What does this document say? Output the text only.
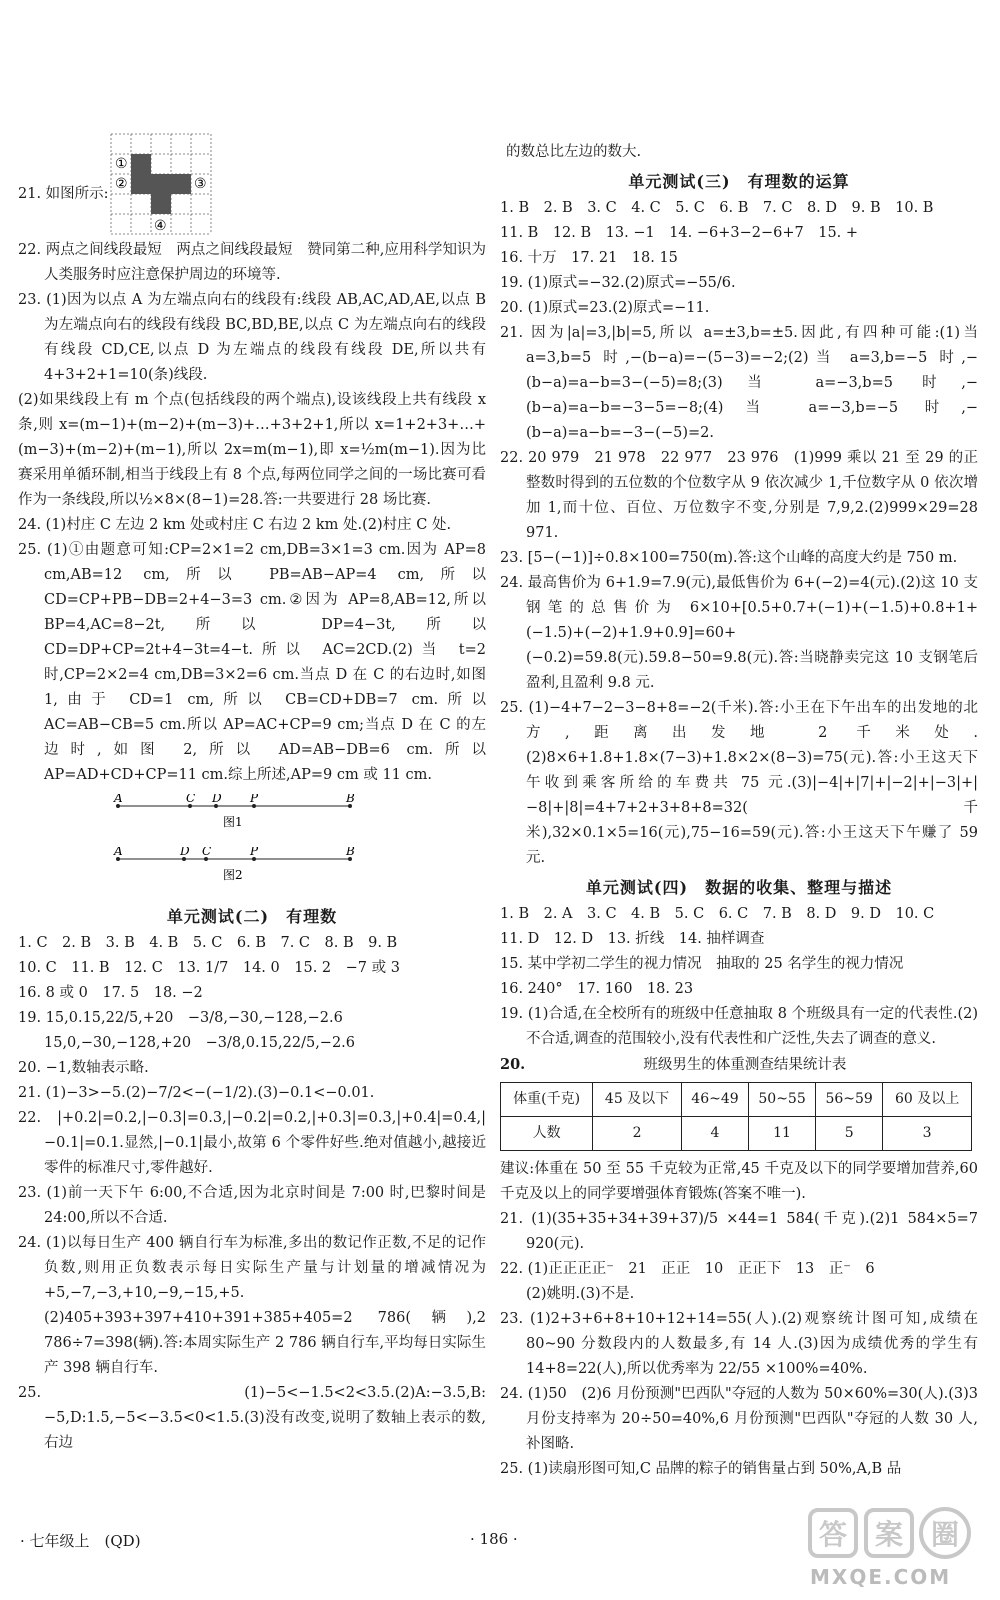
21. 如图所示:
①
②	③
④

22. 两点之间线段最短　两点之间线段最短　赞同第二种,应用科学知识为人类服务时应注意保护周边的环境等.

23. (1)因为以点 A 为左端点向右的线段有:线段 AB,AC,AD,AE,以点 B 为左端点向右的线段有线段 BC,BD,BE,以点 C 为左端点向右的线段有线段 CD,CE,以点 D 为左端点的线段有线段 DE,所以共有 4+3+2+1=10(条)线段.

(2)如果线段上有 m 个点(包括线段的两个端点),设该线段上共有线段 x 条,则 x=(m−1)+(m−2)+(m−3)+…+3+2+1,所以 x=1+2+3+…+(m−3)+(m−2)+(m−1),所以 2x=m(m−1),即 x=½m(m−1).因为比赛采用单循环制,相当于线段上有 8 个点,每两位同学之间的一场比赛可看作为一条线段,所以½×8×(8−1)=28.答:一共要进行 28 场比赛.

24. (1)村庄 C 左边 2 km 处或村庄 C 右边 2 km 处.(2)村庄 C 处.

25. (1)①由题意可知:CP=2×1=2 cm,DB=3×1=3 cm.因为 AP=8 cm,AB=12 cm,所以 PB=AB−AP=4 cm,所以 CD=CP+PB−DB=2+4−3=3 cm.②因为 AP=8,AB=12,所以 BP=4,AC=8−2t,所以 DP=4−3t,所以 CD=DP+CP=2t+4−3t=4−t.所以 AC=2CD.(2)当 t=2 时,CP=2×2=4 cm,DB=3×2=6 cm.当点 D 在 C 的右边时,如图 1,由于 CD=1 cm,所以 CB=CD+DB=7 cm.所以 AC=AB−CB=5 cm.所以 AP=AC+CP=9 cm;当点 D 在 C 的左边时,如图 2,所以 AD=AB−DB=6 cm.所以 AP=AD+CD+CP=11 cm.综上所述,AP=9 cm 或 11 cm.

A	C D P	B
图1

A	D C	P	B
图2
单元测试(二)　有理数

1. C　2. B　3. B　4. B　5. C　6. B　7. C　8. B　9. B

10. C　11. B　12. C　13. 1/7　14. 0　15. 2　−7 或 3

16. 8 或 0　17. 5　18. −2

19. 15,0.15,22/5,+20　−3/8,−30,−128,−2.6

15,0,−30,−128,+20　−3/8,0.15,22/5,−2.6

20. −1,数轴表示略.

21. (1)−3>−5.(2)−7/2<−(−1/2).(3)−0.1<−0.01.

22. |+0.2|=0.2,|−0.3|=0.3,|−0.2|=0.2,|+0.3|=0.3,|+0.4|=0.4,|−0.1|=0.1.显然,|−0.1|最小,故第 6 个零件好些.绝对值越小,越接近零件的标准尺寸,零件越好.

23. (1)前一天下午 6:00,不合适,因为北京时间是 7:00 时,巴黎时间是 24:00,所以不合适.

24. (1)以每日生产 400 辆自行车为标准,多出的数记作正数,不足的记作负数,则用正负数表示每日实际生产量与计划量的增减情况为+5,−7,−3,+10,−9,−15,+5.(2)405+393+397+410+391+385+405=2 786(辆),2 786÷7=398(辆).答:本周实际生产 2 786 辆自行车,平均每日实际生产 398 辆自行车.

25. (1)−5<−1.5<2<3.5.(2)A:−3.5,B:−5,D:1.5,−5<−3.5<0<1.5.(3)没有改变,说明了数轴上表示的数,右边

的数总比左边的数大.

单元测试(三)　有理数的运算

1. B　2. B　3. C　4. C　5. C　6. B　7. C　8. D　9. B　10. B

11. B　12. B　13. −1　14. −6+3−2−6+7　15. +

16. 十万　17. 21　18. 15

19. (1)原式=−32.(2)原式=−55/6.

20. (1)原式=23.(2)原式=−11.

21. 因为|a|=3,|b|=5,所以 a=±3,b=±5.因此,有四种可能:(1)当 a=3,b=5 时,−(b−a)=−(5−3)=−2;(2)当 a=3,b=−5 时,−(b−a)=a−b=3−(−5)=8;(3)当 a=−3,b=5 时,−(b−a)=a−b=−3−5=−8;(4)当 a=−3,b=−5 时,−(b−a)=a−b=−3−(−5)=2.

22. 20 979　21 978　22 977　23 976　(1)999 乘以 21 至 29 的正整数时得到的五位数的个位数字从 9 依次减少 1,千位数字从 0 依次增加 1,而十位、百位、万位数字不变,分别是 7,9,2.(2)999×29=28 971.

23. [5−(−1)]÷0.8×100=750(m).答:这个山峰的高度大约是 750 m.

24. 最高售价为 6+1.9=7.9(元),最低售价为 6+(−2)=4(元).(2)这 10 支钢笔的总售价为 6×10+[0.5+0.7+(−1)+(−1.5)+0.8+1+(−1.5)+(−2)+1.9+0.9]=60+(−0.2)=59.8(元).59.8−50=9.8(元).答:当晓静卖完这 10 支钢笔后盈利,且盈利 9.8 元.

25. (1)−4+7−2−3−8+8=−2(千米).答:小王在下午出车的出发地的北方,距离出发地 2 千米处.(2)8×6+1.8+1.8×(7−3)+1.8×2×(8−3)=75(元).答:小王这天下午收到乘客所给的车费共 75 元.(3)|−4|+|7|+|−2|+|−3|+|−8|+|8|=4+7+2+3+8+8=32(千米),32×0.1×5=16(元),75−16=59(元).答:小王这天下午赚了 59 元.

单元测试(四)　数据的收集、整理与描述

1. B　2. A　3. C　4. B　5. C　6. C　7. B　8. D　9. D　10. C

11. D　12. D　13. 折线　14. 抽样调查

15. 某中学初二学生的视力情况　抽取的 25 名学生的视力情况

16. 240°　17. 160　18. 23

19. (1)合适,在全校所有的班级中任意抽取 8 个班级具有一定的代表性.(2)不合适,调查的范围较小,没有代表性和广泛性,失去了调查的意义.

20.	班级男生的体重测查结果统计表

体重(千克)	45 及以下	46~49	50~55	56~59	60 及以上
人数	2	4	11	5	3

建议:体重在 50 至 55 千克较为正常,45 千克及以下的同学要增加营养,60 千克及以上的同学要增强体育锻炼(答案不唯一).

21. (1)(35+35+34+39+37)/5 ×44=1 584(千克).(2)1 584×5=7 920(元).

22. (1)正正正正⁻　21　正正　10　正正下　13　正⁻　6

(2)姚明.(3)不是.

23. (1)2+3+6+8+10+12+14=55(人).(2)观察统计图可知,成绩在 80~90 分数段内的人数最多,有 14 人.(3)因为成绩优秀的学生有 14+8=22(人),所以优秀率为 22/55 ×100%=40%.

24. (1)50　(2)6 月份预测"巴西队"夺冠的人数为 50×60%=30(人).(3)3 月份支持率为 20÷50=40%,6 月份预测"巴西队"夺冠的人数 30 人,补图略.

25. (1)读扇形图可知,C 品牌的粽子的销售量占到 50%,A,B 品

· 七年级上　(QD)	· 186 ·	答 案 圈
MXQE.COM
